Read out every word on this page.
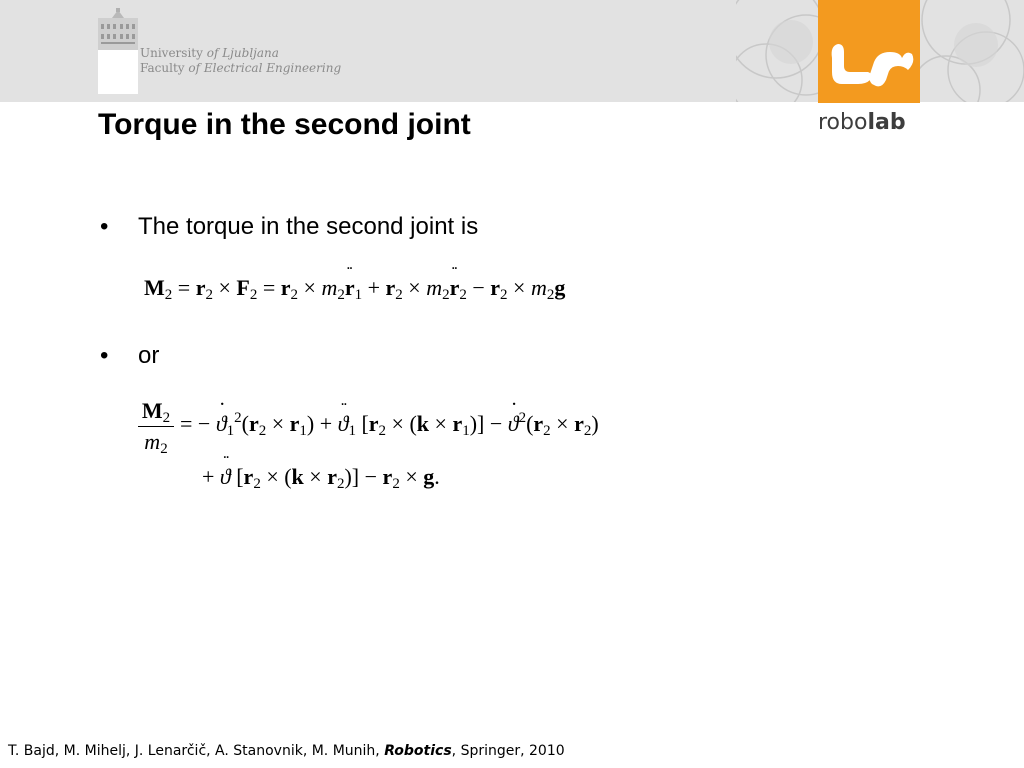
University of Ljubljana
Faculty of Electrical Engineering
robolab
Torque in the second joint
• The torque in the second joint is
$M_2 = r_2 \times F_2 = r_2$ × $m_2¨$ $r_1 + r_2$ × $m_2¨$ $r_2 - r_2 \times m_2g$
• or
$M_2$
$m_2$
= − ˙ $ϑ_1^2(r_2 \times r_1)$ + ¨ $ϑ_1$ $[r_2 \times (k \times r_1)]$ − ˙ $ϑ^2(r_2 \times r_2)$
+ ¨ ϑ $[r_2 \times (k \times r_2)] - r_2 \times g$.
T. Bajd, M. Mihelj, J. Lenarčič, A. Stanovnik, M. Munih, Robotics, Springer, 2010
